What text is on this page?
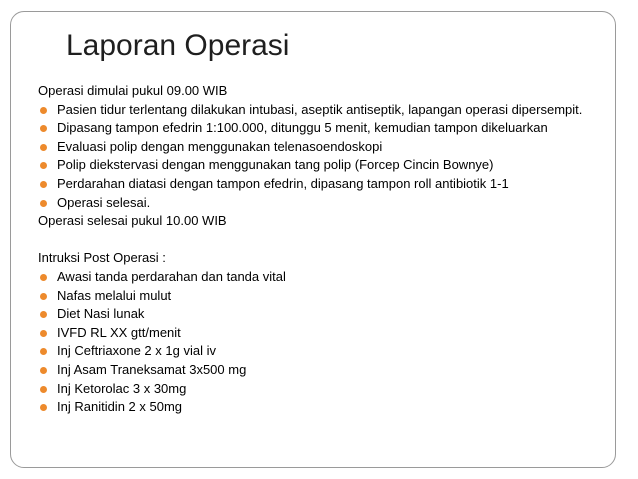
Laporan Operasi
Operasi dimulai pukul 09.00 WIB
Pasien tidur terlentang dilakukan intubasi, aseptik antiseptik, lapangan operasi dipersempit.
Dipasang tampon efedrin 1:100.000, ditunggu 5 menit, kemudian tampon dikeluarkan
Evaluasi polip dengan menggunakan telenasoendoskopi
Polip diekstervasi dengan menggunakan tang polip (Forcep Cincin Bownye)
Perdarahan diatasi dengan tampon efedrin, dipasang tampon roll antibiotik 1-1
Operasi selesai.
Operasi selesai pukul 10.00 WIB
Intruksi Post Operasi :
Awasi tanda perdarahan dan tanda vital
Nafas melalui mulut
Diet Nasi lunak
IVFD RL XX gtt/menit
Inj Ceftriaxone 2 x 1g vial iv
Inj Asam Traneksamat 3x500 mg
Inj Ketorolac 3 x 30mg
Inj Ranitidin 2 x 50mg
